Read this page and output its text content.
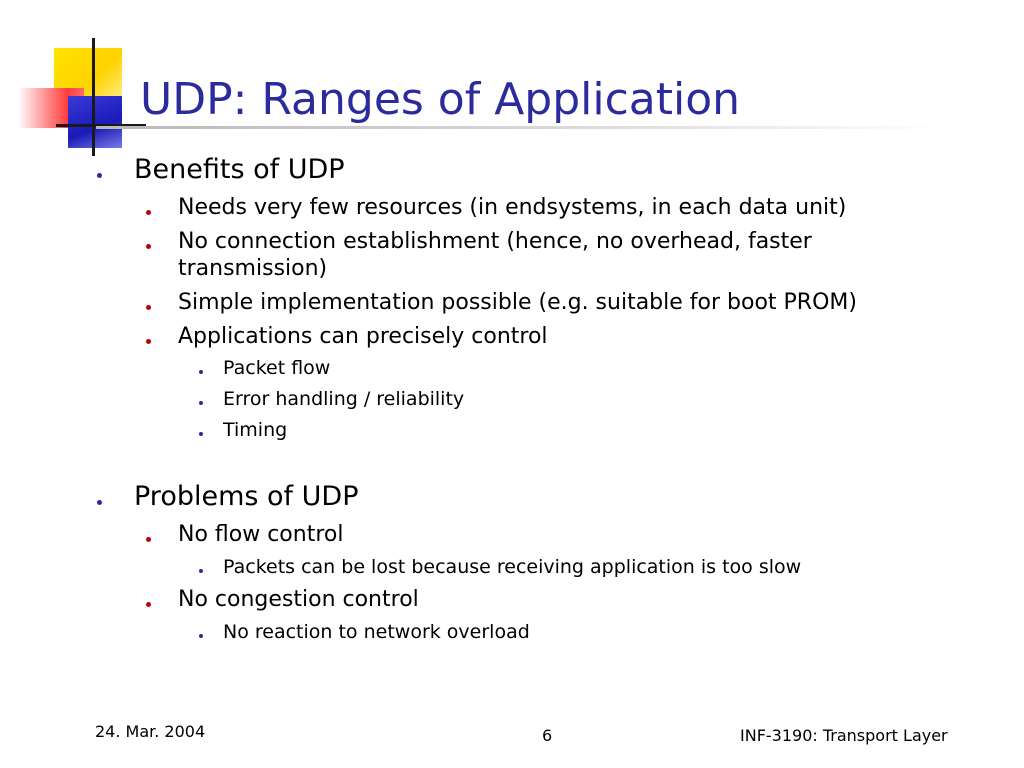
UDP: Ranges of Application
Benefits of UDP
Needs very few resources (in endsystems, in each data unit)
No connection establishment (hence, no overhead, faster
transmission)
Simple implementation possible (e.g. suitable for boot PROM)
Applications can precisely control
Packet flow
Error handling / reliability
Timing
Problems of UDP
No flow control
Packets can be lost because receiving application is too slow
No congestion control
No reaction to network overload
24. Mar. 2004	6	INF-3190: Transport Layer
